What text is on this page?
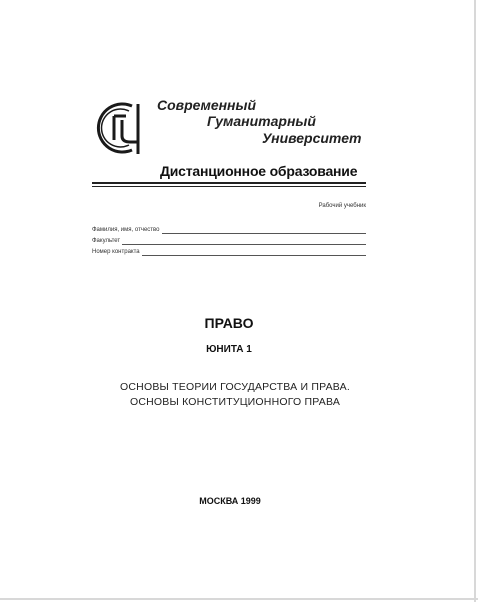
Современный
Гуманитарный
Университет
Дистанционное образование
Рабочий учебник
Фамилия, имя, отчество
Факультет
Номер контракта
ПРАВО
ЮНИТА 1
ОСНОВЫ ТЕОРИИ ГОСУДАРСТВА И ПРАВА.
ОСНОВЫ КОНСТИТУЦИОННОГО ПРАВА
МОСКВА 1999
